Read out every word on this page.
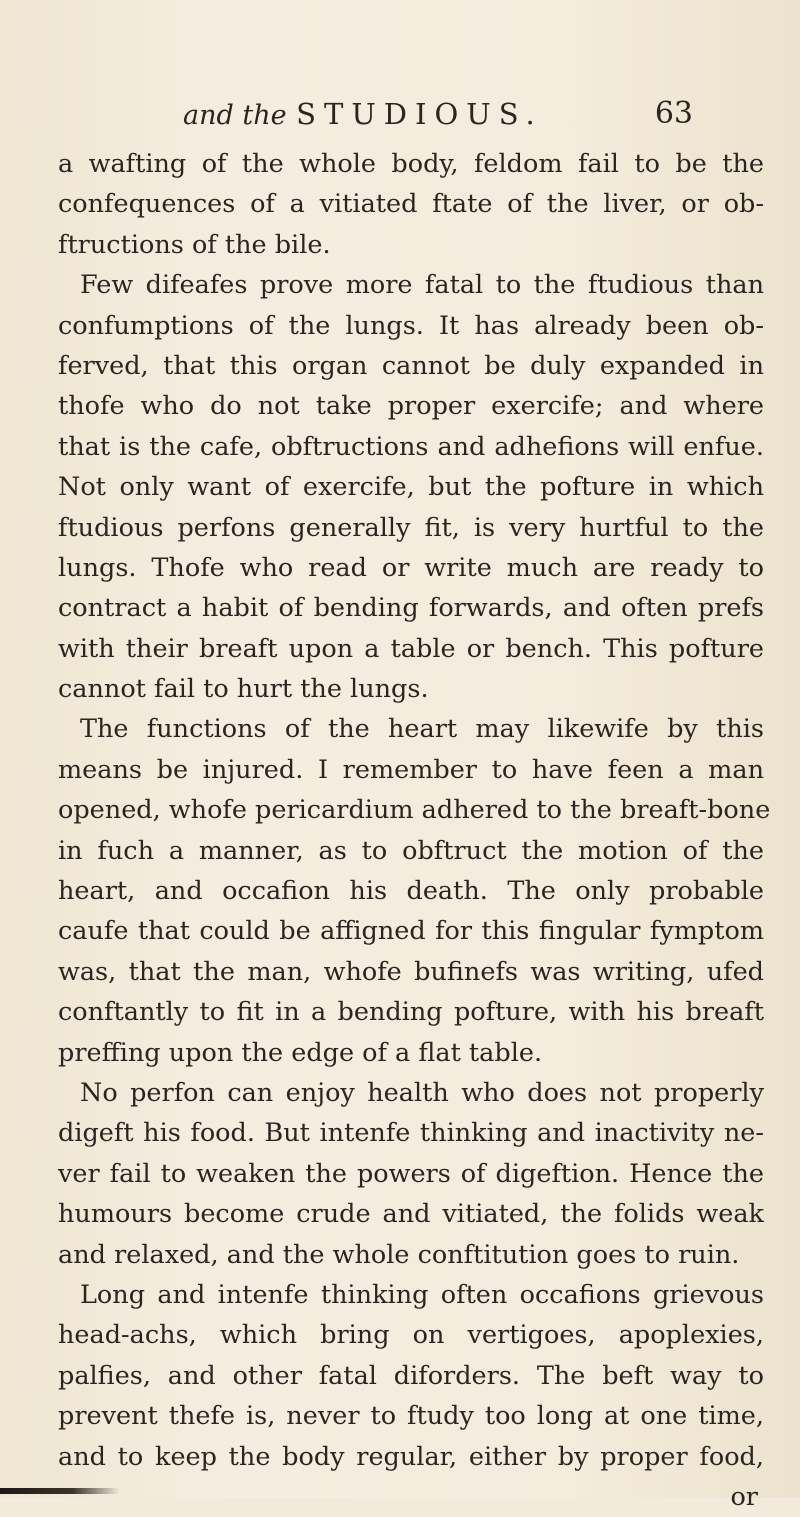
and the STUDIOUS.	63
a wafting of the whole body, feldom fail to be the
confequences of a vitiated ftate of the liver, or ob-
ftructions of the bile.
Few difeafes prove more fatal to the ftudious than
confumptions of the lungs. It has already been ob-
ferved, that this organ cannot be duly expanded in
thofe who do not take proper exercife; and where
that is the cafe, obftructions and adhefions will enfue.
Not only want of exercife, but the pofture in which
ftudious perfons generally fit, is very hurtful to the
lungs. Thofe who read or write much are ready to
contract a habit of bending forwards, and often prefs
with their breaft upon a table or bench. This pofture
cannot fail to hurt the lungs.
The functions of the heart may likewife by this
means be injured. I remember to have feen a man
opened, whofe pericardium adhered to the breaft-bone
in fuch a manner, as to obftruct the motion of the
heart, and occafion his death. The only probable
caufe that could be affigned for this fingular fymptom
was, that the man, whofe bufinefs was writing, ufed
conftantly to fit in a bending pofture, with his breaft
preffing upon the edge of a flat table.
No perfon can enjoy health who does not properly
digeft his food. But intenfe thinking and inactivity ne-
ver fail to weaken the powers of digeftion. Hence the
humours become crude and vitiated, the folids weak
and relaxed, and the whole conftitution goes to ruin.
Long and intenfe thinking often occafions grievous
head-achs, which bring on vertigoes, apoplexies,
palfies, and other fatal diforders. The beft way to
prevent thefe is, never to ftudy too long at one time,
and to keep the body regular, either by proper food,
or
